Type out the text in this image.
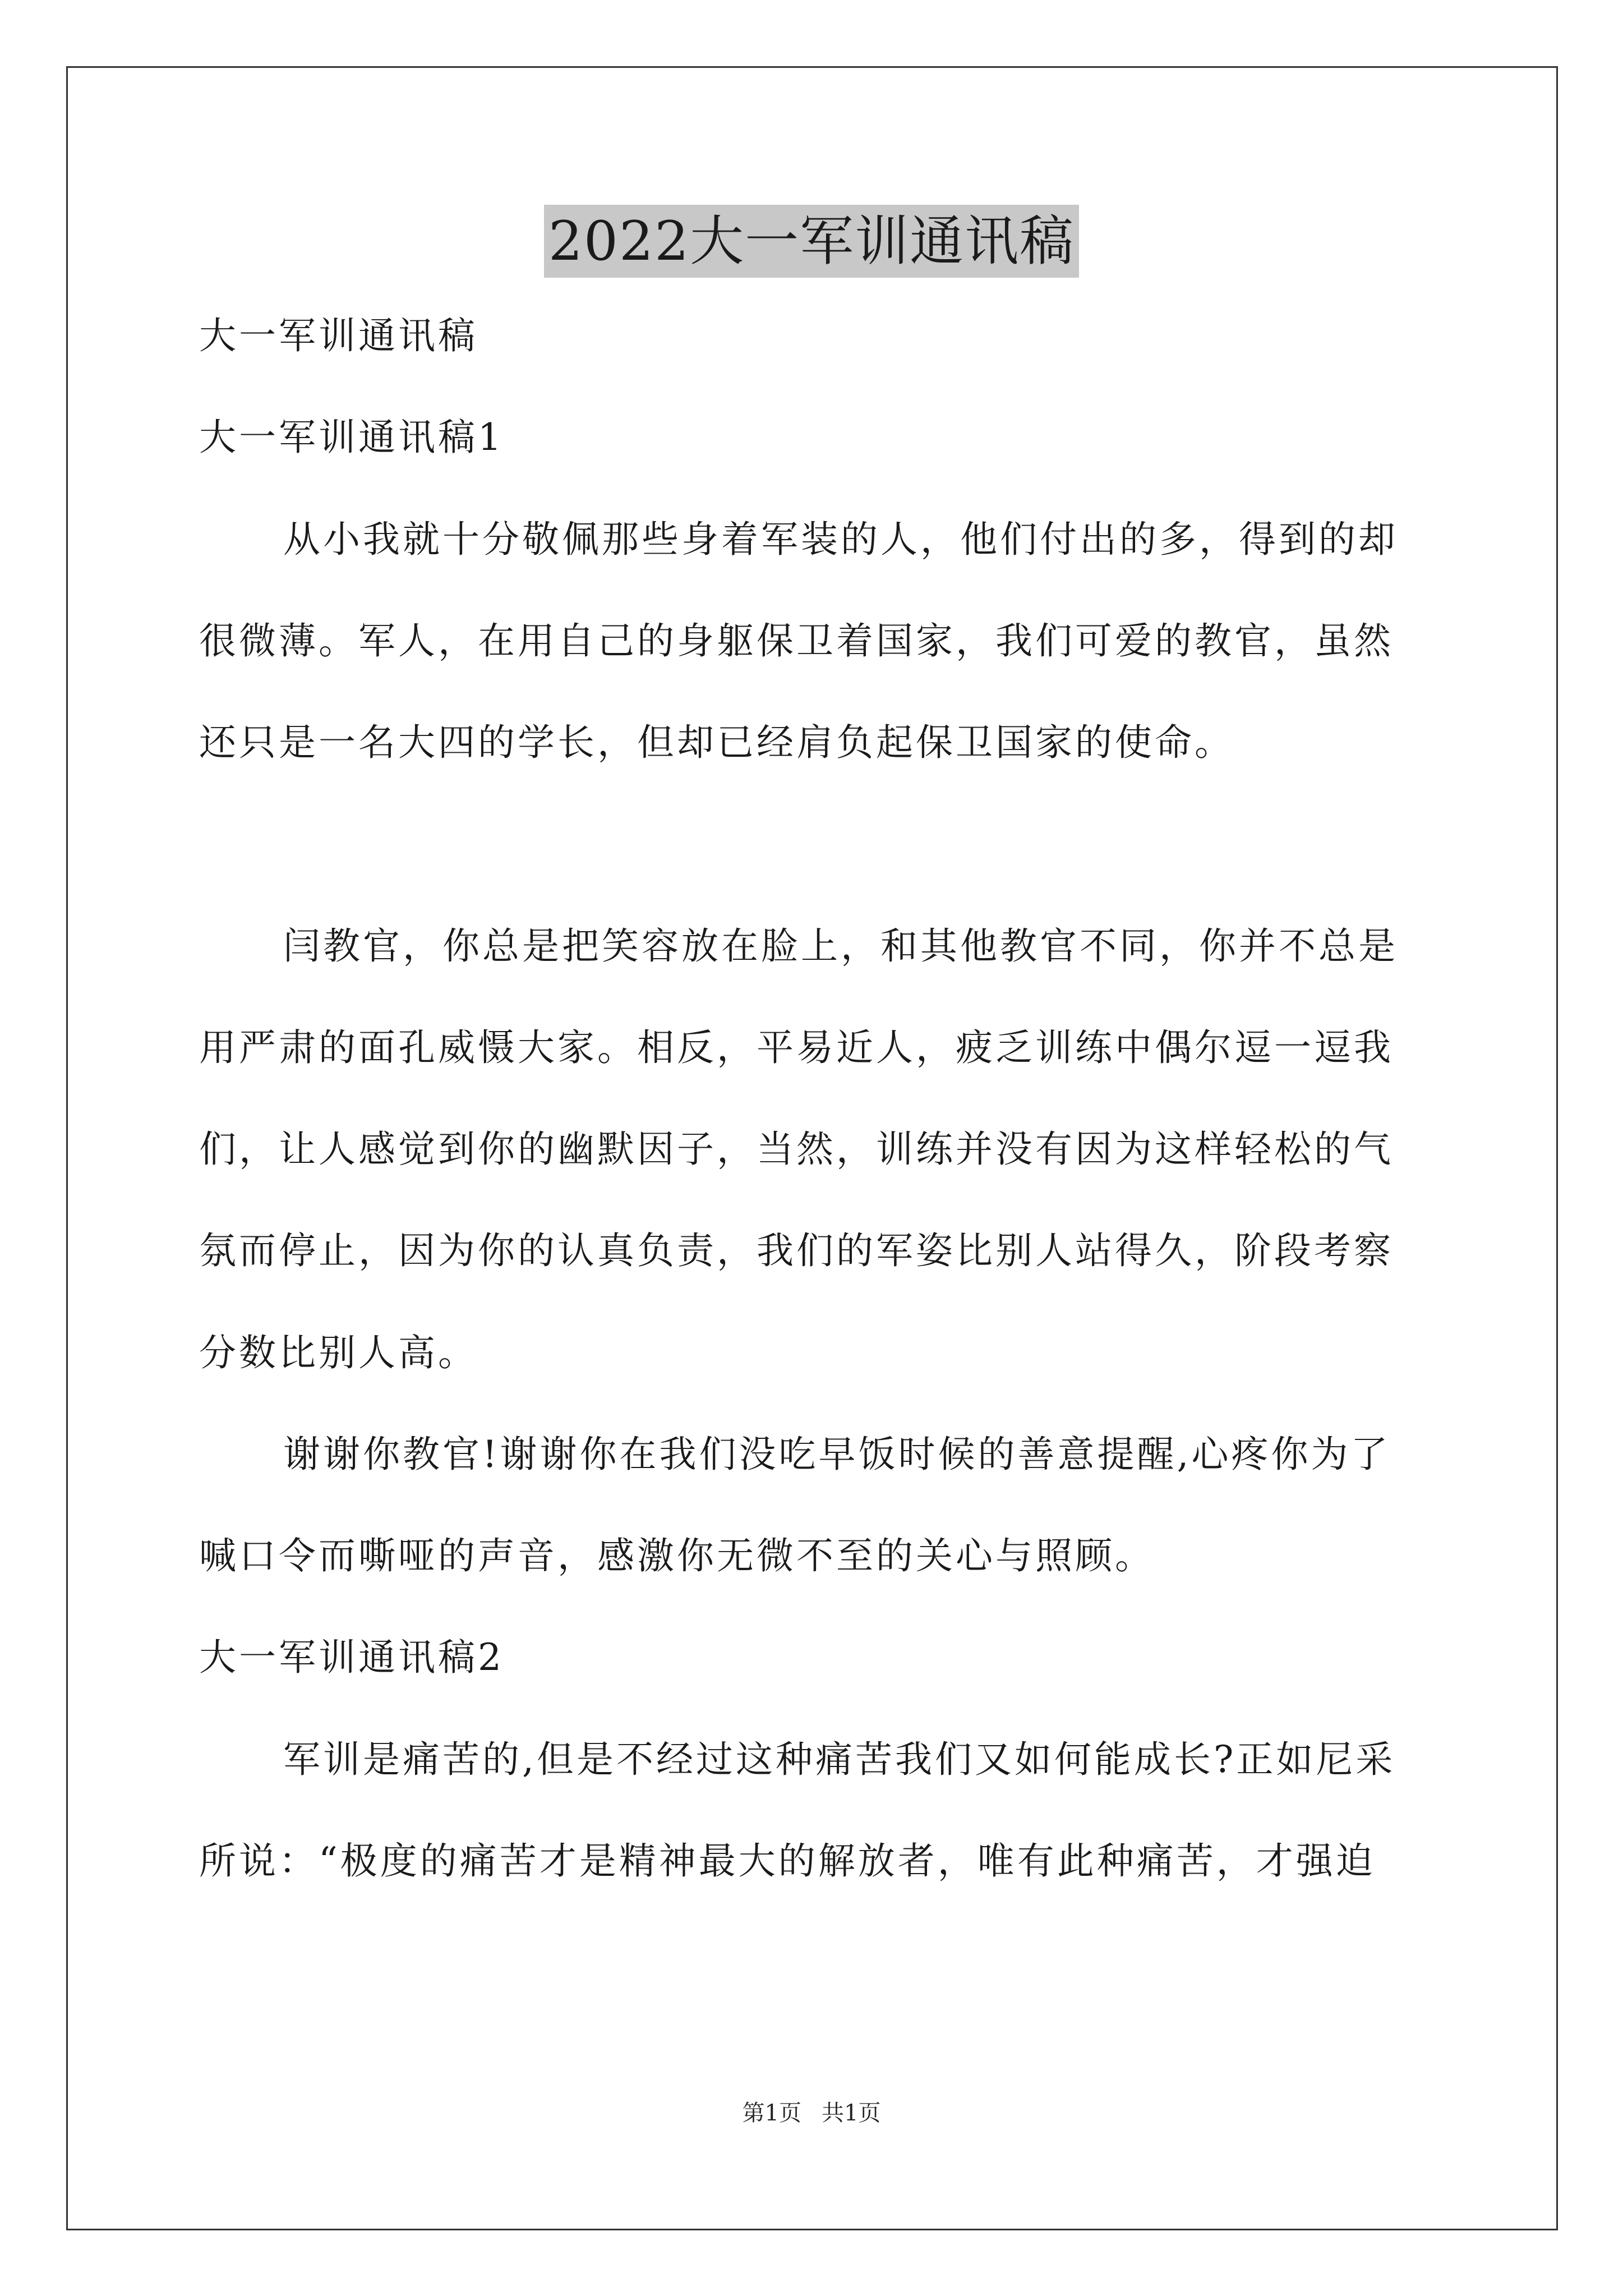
2022大一军训通讯稿
大一军训通讯稿
大一军训通讯稿1
从小我就十分敬佩那些身着军装的人，他们付出的多，得到的却
很微薄。军人，在用自己的身躯保卫着国家，我们可爱的教官，虽然
还只是一名大四的学长，但却已经肩负起保卫国家的使命。
闫教官，你总是把笑容放在脸上，和其他教官不同，你并不总是
用严肃的面孔威慑大家。相反，平易近人，疲乏训练中偶尔逗一逗我
们，让人感觉到你的幽默因子，当然，训练并没有因为这样轻松的气
氛而停止，因为你的认真负责，我们的军姿比别人站得久，阶段考察
分数比别人高。
谢谢你教官!谢谢你在我们没吃早饭时候的善意提醒,心疼你为了
喊口令而嘶哑的声音，感激你无微不至的关心与照顾。
大一军训通讯稿2
军训是痛苦的,但是不经过这种痛苦我们又如何能成长?正如尼采
所说：“极度的痛苦才是精神最大的解放者，唯有此种痛苦，才强迫
第1页 共1页
